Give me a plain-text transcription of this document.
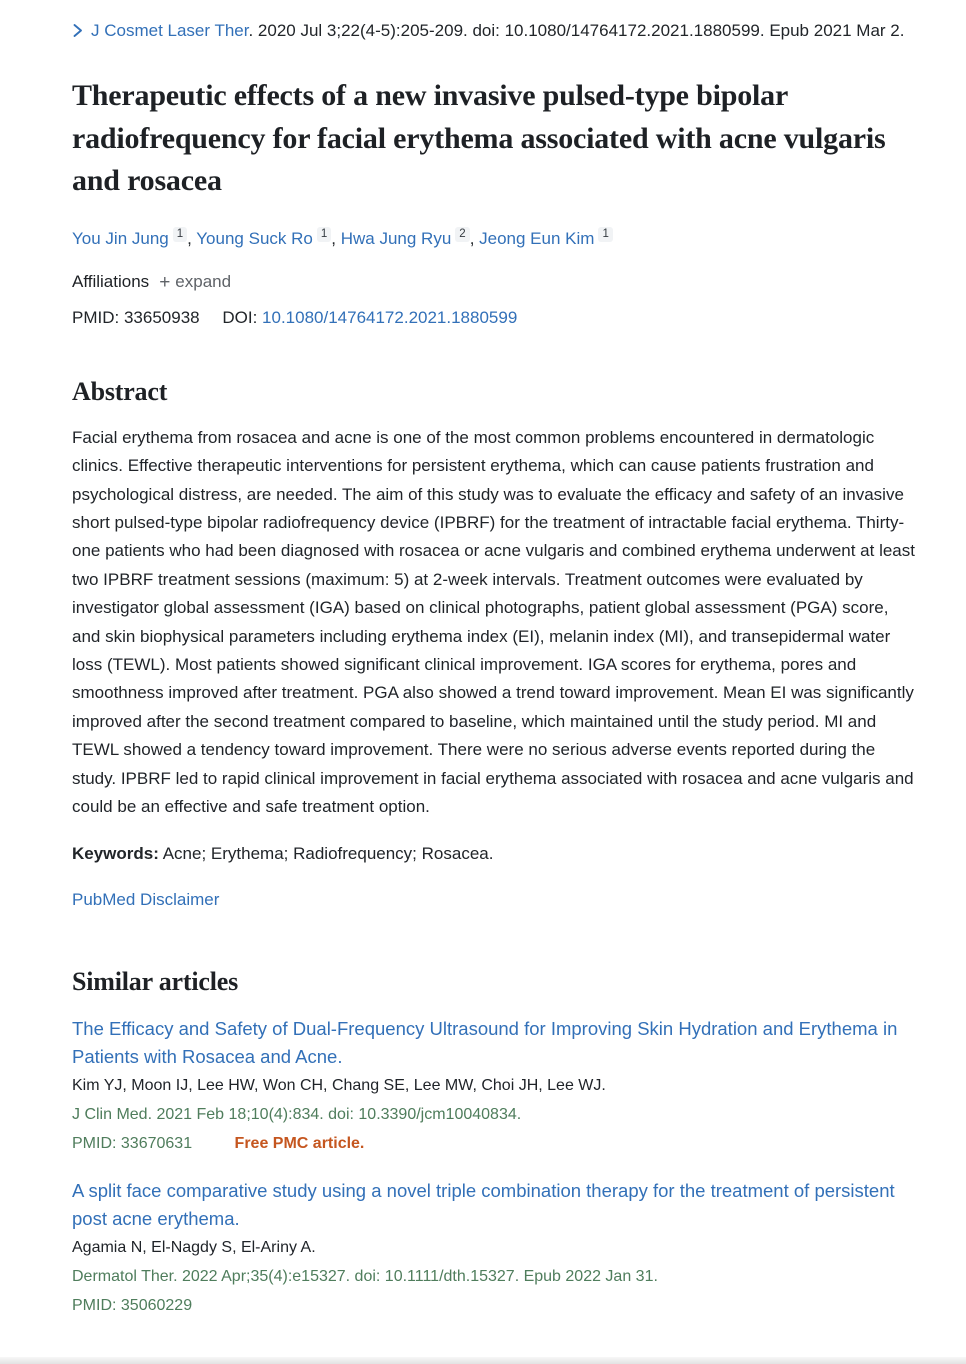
J Cosmet Laser Ther. 2020 Jul 3;22(4-5):205-209. doi: 10.1080/14764172.2021.1880599. Epub 2021 Mar 2.

Therapeutic effects of a new invasive pulsed-type bipolar radiofrequency for facial erythema associated with acne vulgaris and rosacea
You Jin Jung $^1$ , Young Suck Ro $^1$ , Hwa Jung Ryu $^2$ , Jeong Eun Kim $^1$
Affiliations + expand
PMID: 33650938 DOI: 10.1080/14764172.2021.1880599
Abstract

Facial erythema from rosacea and acne is one of the most common problems encountered in dermatologic clinics. Effective therapeutic interventions for persistent erythema, which can cause patients frustration and psychological distress, are needed. The aim of this study was to evaluate the efficacy and safety of an invasive short pulsed-type bipolar radiofrequency device (IPBRF) for the treatment of intractable facial erythema. Thirty-one patients who had been diagnosed with rosacea or acne vulgaris and combined erythema underwent at least two IPBRF treatment sessions (maximum: 5) at 2-week intervals. Treatment outcomes were evaluated by investigator global assessment (IGA) based on clinical photographs, patient global assessment (PGA) score, and skin biophysical parameters including erythema index (EI), melanin index (MI), and transepidermal water loss (TEWL). Most patients showed significant clinical improvement. IGA scores for erythema, pores and smoothness improved after treatment. PGA also showed a trend toward improvement. Mean EI was significantly improved after the second treatment compared to baseline, which maintained until the study period. MI and TEWL showed a tendency toward improvement. There were no serious adverse events reported during the study. IPBRF led to rapid clinical improvement in facial erythema associated with rosacea and acne vulgaris and could be an effective and safe treatment option.

Keywords: Acne; Erythema; Radiofrequency; Rosacea.

PubMed Disclaimer

Similar articles
The Efficacy and Safety of Dual-Frequency Ultrasound for Improving Skin Hydration and Erythema in Patients with Rosacea and Acne.
Kim YJ, Moon IJ, Lee HW, Won CH, Chang SE, Lee MW, Choi JH, Lee WJ.
J Clin Med. 2021 Feb 18;10(4):834. doi: 10.3390/jcm10040834.
PMID: 33670631	Free PMC article.
A split face comparative study using a novel triple combination therapy for the treatment of persistent post acne erythema.
Agamia N, El-Nagdy S, El-Ariny A.
Dermatol Ther. 2022 Apr;35(4):e15327. doi: 10.1111/dth.15327. Epub 2022 Jan 31.
PMID: 35060229
